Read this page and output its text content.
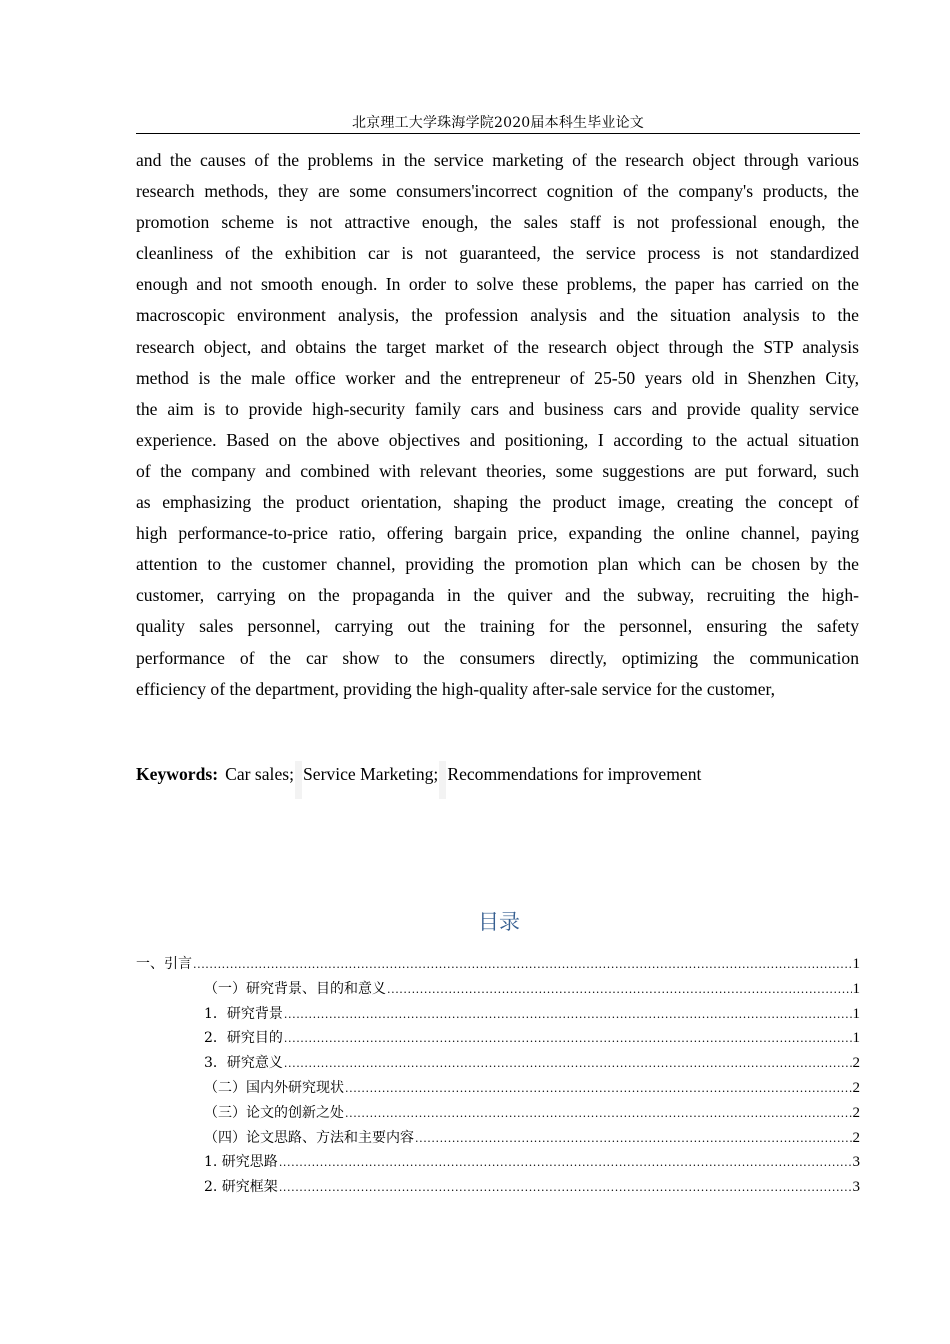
北京理工大学珠海学院2020届本科生毕业论文
and the causes of the problems in the service marketing of the research object through various
research methods, they are some consumers'incorrect cognition of the company's products, the
promotion scheme is not attractive enough, the sales staff is not professional enough, the
cleanliness of the exhibition car is not guaranteed, the service process is not standardized
enough and not smooth enough. In order to solve these problems, the paper has carried on the
macroscopic environment analysis, the profession analysis and the situation analysis to the
research object, and obtains the target market of the research object through the STP analysis
method is the male office worker and the entrepreneur of 25-50 years old in Shenzhen City,
the aim is to provide high-security family cars and business cars and provide quality service
experience. Based on the above objectives and positioning, I according to the actual situation
of the company and combined with relevant theories, some suggestions are put forward, such
as emphasizing the product orientation, shaping the product image, creating the concept of
high performance-to-price ratio, offering bargain price, expanding the online channel, paying
attention to the customer channel, providing the promotion plan which can be chosen by the
customer, carrying on the propaganda in the quiver and the subway, recruiting the high-
quality sales personnel, carrying out the training for the personnel, ensuring the safety
performance of the car show to the consumers directly, optimizing the communication
efficiency of the department, providing the high-quality after-sale service for the customer,
Keywords: Car sales; Service Marketing; Recommendations for improvement
目录
一、引言 .....	1
（一）研究背景、目的和意义 .....	1
1．研究背景 .....	1
2．研究目的 .....	1
3．研究意义 .....	2
（二）国内外研究现状 .....	2
（三）论文的创新之处 .....	2
（四）论文思路、方法和主要内容 .....	2
1. 研究思路 .....	3
2. 研究框架 .....	3
